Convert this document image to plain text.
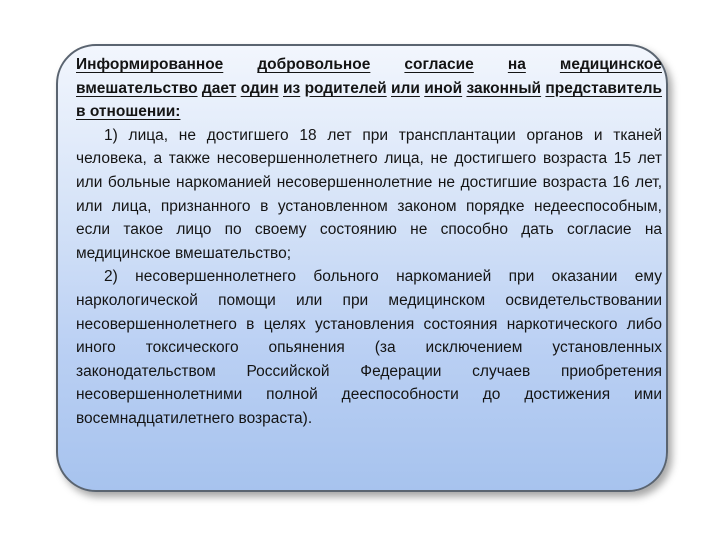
Информированное добровольное согласие на медицинское вмешательство дает один из родителей или иной законный представитель в отношении:

1) лица, не достигшего 18 лет при трансплантации органов и тканей человека, а также несовершеннолетнего лица, не достигшего возраста 15 лет или больные наркоманией несовершеннолетние не достигшие возраста 16 лет, или лица, признанного в установленном законом порядке недееспособным, если такое лицо по своему состоянию не способно дать согласие на медицинское вмешательство;

2) несовершеннолетнего больного наркоманией при оказании ему наркологической помощи или при медицинском освидетельствовании несовершеннолетнего в целях установления состояния наркотического либо иного токсического опьянения (за исключением установленных законодательством Российской Федерации случаев приобретения несовершеннолетними полной дееспособности до достижения ими восемнадцатилетнего возраста).
